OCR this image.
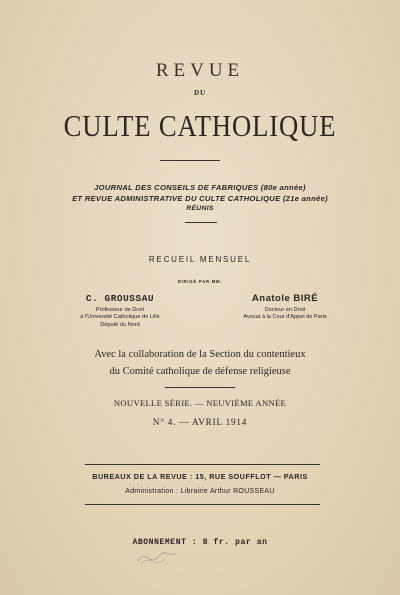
REVUE
DU
CULTE CATHOLIQUE
JOURNAL DES CONSEILS DE FABRIQUES (80e année)
ET REVUE ADMINISTRATIVE DU CULTE CATHOLIQUE (21e année)
RÉUNIS
RECUEIL MENSUEL
DIRIGÉ PAR MM.
C. GROUSSAU
Professeur de Droit
à l'Université Catholique de Lille
Député du Nord
Anatole BIRÉ
Docteur en Droit
Avocat à la Cour d'Appel de Paris
Avec la collaboration de la Section du contentieux
du Comité catholique de défense religieuse
NOUVELLE SÉRIE. — NEUVIÈME ANNÉE
N° 4. — AVRIL 1914
BUREAUX DE LA REVUE : 15, RUE SOUFFLOT — PARIS
Administration : Librairie Arthur ROUSSEAU
ABONNEMENT : 8 fr. par an
